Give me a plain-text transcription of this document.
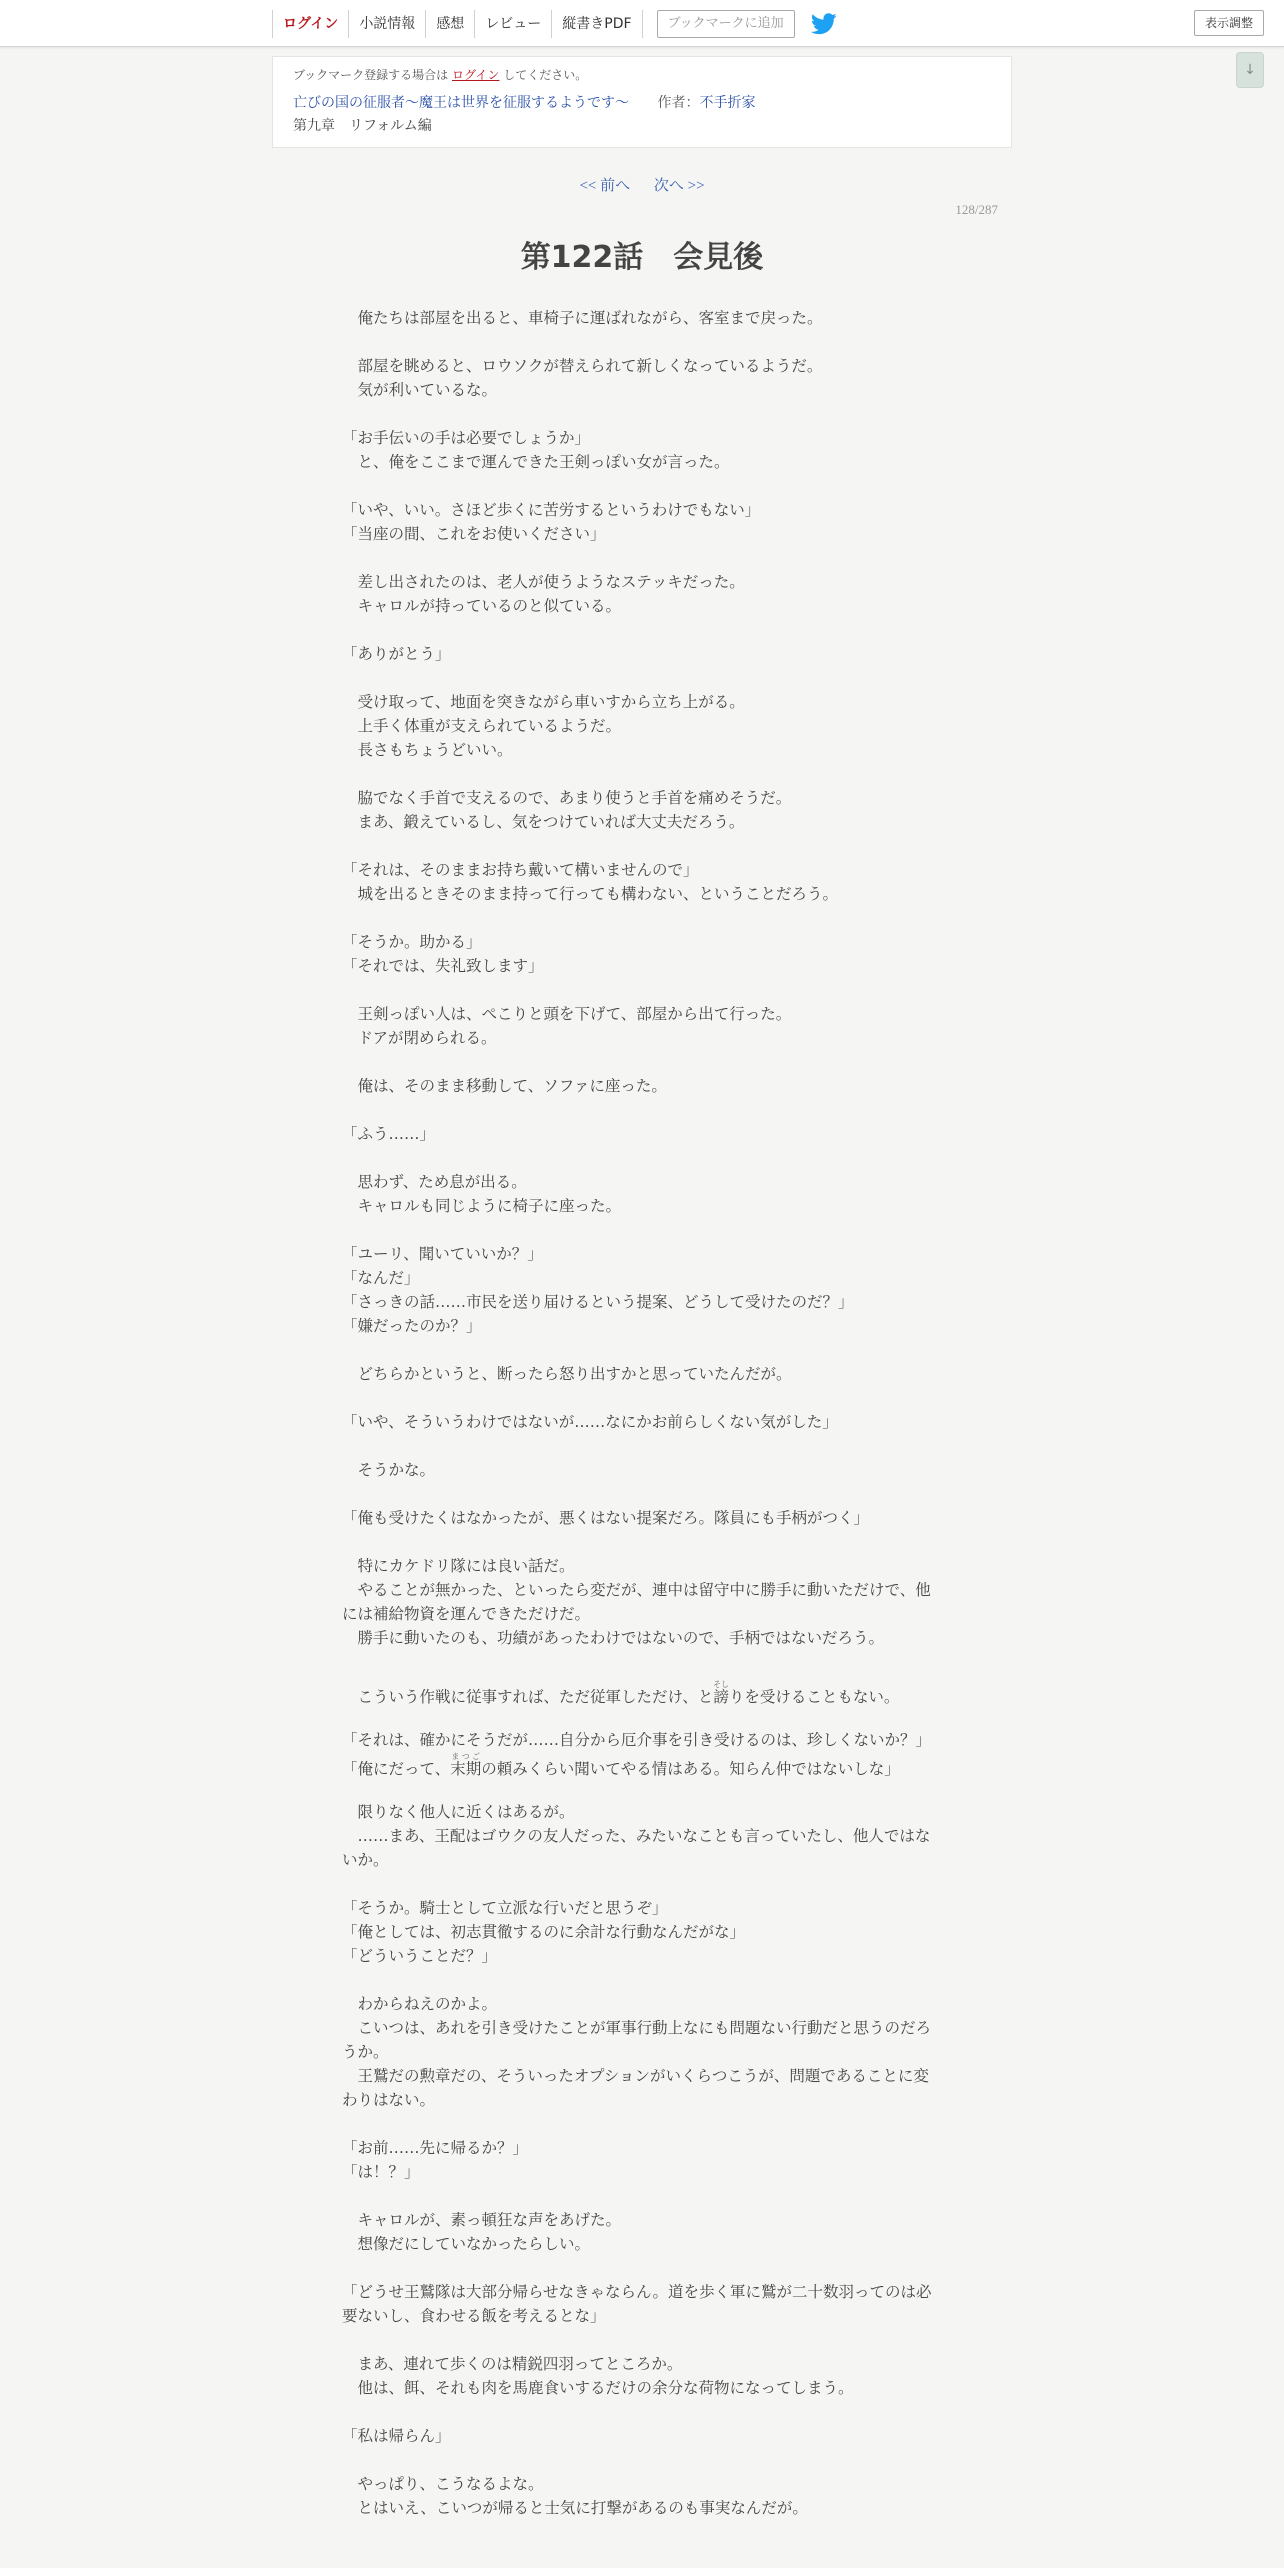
ログイン	小説情報	感想	レビュー	縦書きPDF	ブックマークに追加	表示調整
↓
ブックマーク登録する場合は ログイン してください。
亡びの国の征服者～魔王は世界を征服するようです～ 作者：不手折家
第九章　リフォルム編
<< 前へ 次へ >>
128/287
第122話　会見後
　俺たちは部屋を出ると、車椅子に運ばれながら、客室まで戻った。
　部屋を眺めると、ロウソクが替えられて新しくなっているようだ。
　気が利いているな。
「お手伝いの手は必要でしょうか」
　と、俺をここまで運んできた王剣っぽい女が言った。
「いや、いい。さほど歩くに苦労するというわけでもない」
「当座の間、これをお使いください」
　差し出されたのは、老人が使うようなステッキだった。
　キャロルが持っているのと似ている。
「ありがとう」
　受け取って、地面を突きながら車いすから立ち上がる。
　上手く体重が支えられているようだ。
　長さもちょうどいい。
　脇でなく手首で支えるので、あまり使うと手首を痛めそうだ。
　まあ、鍛えているし、気をつけていれば大丈夫だろう。
「それは、そのままお持ち戴いて構いませんので」
　城を出るときそのまま持って行っても構わない、ということだろう。
「そうか。助かる」
「それでは、失礼致します」
　王剣っぽい人は、ぺこりと頭を下げて、部屋から出て行った。
　ドアが閉められる。
　俺は、そのまま移動して、ソファに座った。
「ふう……」
　思わず、ため息が出る。
　キャロルも同じように椅子に座った。
「ユーリ、聞いていいか？」
「なんだ」
「さっきの話……市民を送り届けるという提案、どうして受けたのだ？」
「嫌だったのか？」
　どちらかというと、断ったら怒り出すかと思っていたんだが。
「いや、そういうわけではないが……なにかお前らしくない気がした」
　そうかな。
「俺も受けたくはなかったが、悪くはない提案だろ。隊員にも手柄がつく」
　特にカケドリ隊には良い話だ。
　やることが無かった、といったら変だが、連中は留守中に勝手に動いただけで、他には補給物資を運んできただけだ。
　勝手に動いたのも、功績があったわけではないので、手柄ではないだろう。
　こういう作戦に従事すれば、ただ従軍しただけ、と謗そしりを受けることもない。
「それは、確かにそうだが……自分から厄介事を引き受けるのは、珍しくないか？」
「俺にだって、末期まつごの頼みくらい聞いてやる情はある。知らん仲ではないしな」
　限りなく他人に近くはあるが。
　……まあ、王配はゴウクの友人だった、みたいなことも言っていたし、他人ではないか。
「そうか。騎士として立派な行いだと思うぞ」
「俺としては、初志貫徹するのに余計な行動なんだがな」
「どういうことだ？」
　わからねえのかよ。
　こいつは、あれを引き受けたことが軍事行動上なにも問題ない行動だと思うのだろうか。
　王鷲だの勲章だの、そういったオプションがいくらつこうが、問題であることに変わりはない。
「お前……先に帰るか？」
「は！？」
　キャロルが、素っ頓狂な声をあげた。
　想像だにしていなかったらしい。
「どうせ王鷲隊は大部分帰らせなきゃならん。道を歩く軍に鷲が二十数羽ってのは必要ないし、食わせる飯を考えるとな」
　まあ、連れて歩くのは精鋭四羽ってところか。
　他は、餌、それも肉を馬鹿食いするだけの余分な荷物になってしまう。
「私は帰らん」
　やっぱり、こうなるよな。
　とはいえ、こいつが帰ると士気に打撃があるのも事実なんだが。
